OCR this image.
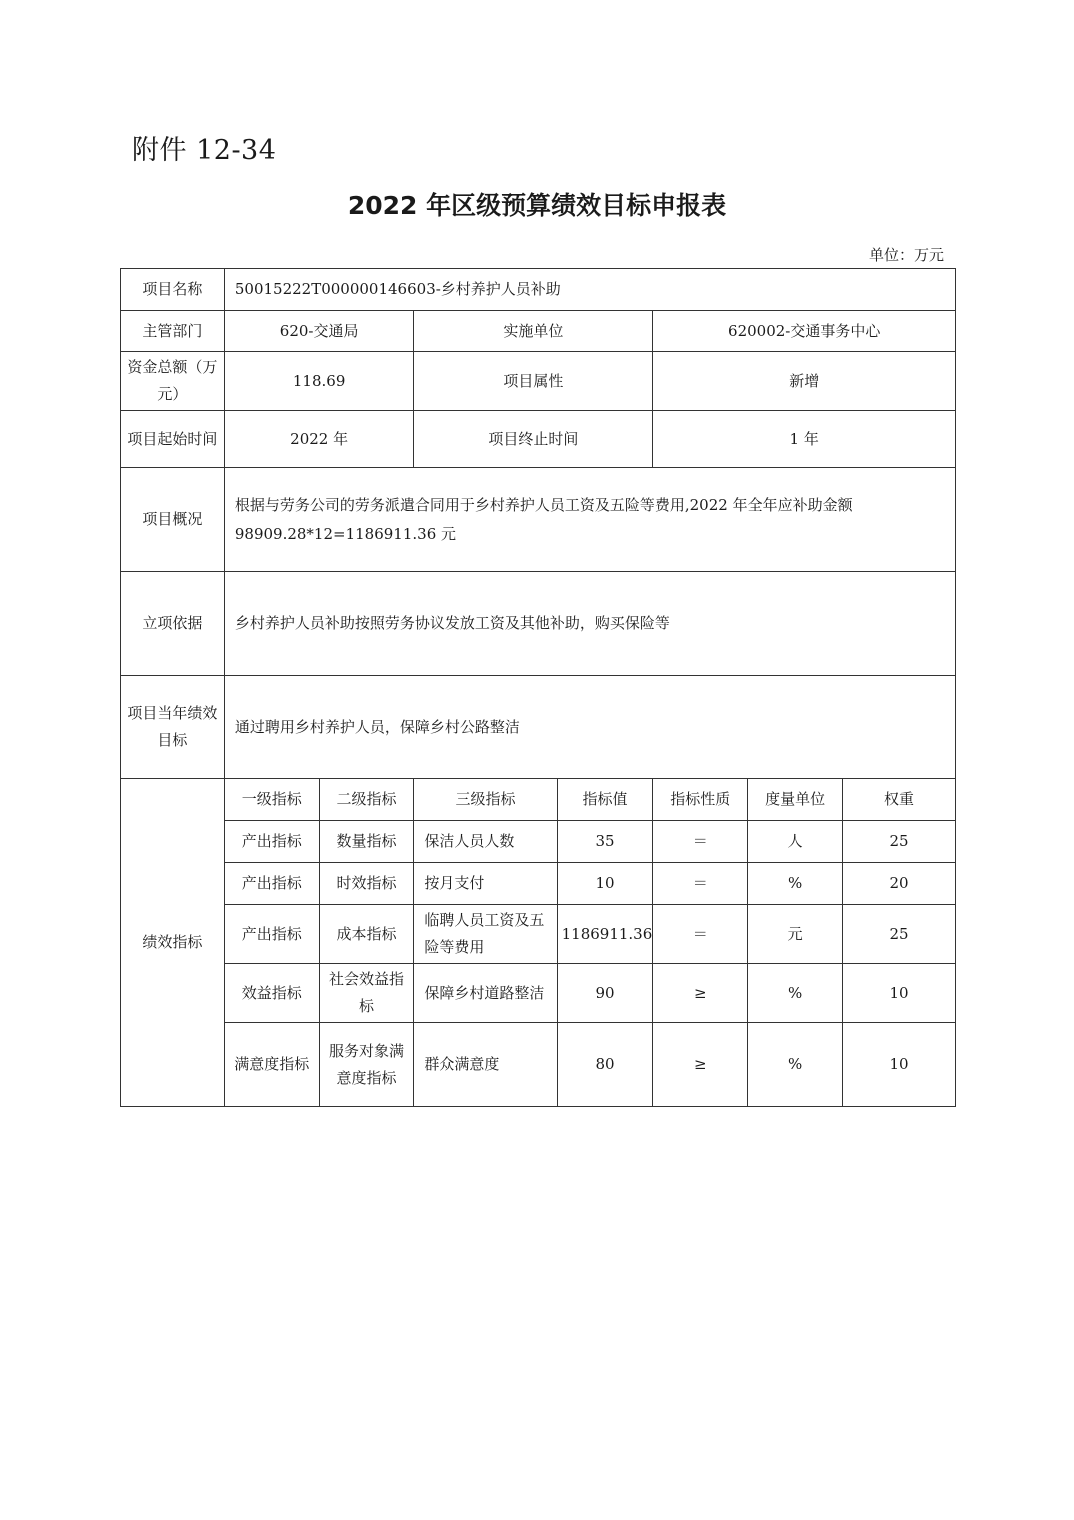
附件 12-34
2022 年区级预算绩效目标申报表
单位：万元
项目名称	50015222T000000146603-乡村养护人员补助						
主管部门	620-交通局		实施单位		620002-交通事务中心		
资金总额（万元）	118.69		项目属性		新增		
项目起始时间	2022 年		项目终止时间		1 年		
项目概况	根据与劳务公司的劳务派遣合同用于乡村养护人员工资及五险等费用,2022 年全年应补助金额98909.28*12=1186911.36 元						
立项依据	乡村养护人员补助按照劳务协议发放工资及其他补助，购买保险等						
项目当年绩效目标	通过聘用乡村养护人员，保障乡村公路整洁						
绩效指标	一级指标	二级指标	三级指标	指标值	指标性质	度量单位	权重
	产出指标	数量指标	保洁人员人数	35	＝	人	25
	产出指标	时效指标	按月支付	10	＝	%	20
	产出指标	成本指标	临聘人员工资及五险等费用	1186911.36	＝	元	25
	效益指标	社会效益指标	保障乡村道路整洁	90	≥	%	10
	满意度指标	服务对象满意度指标	群众满意度	80	≥	%	10
